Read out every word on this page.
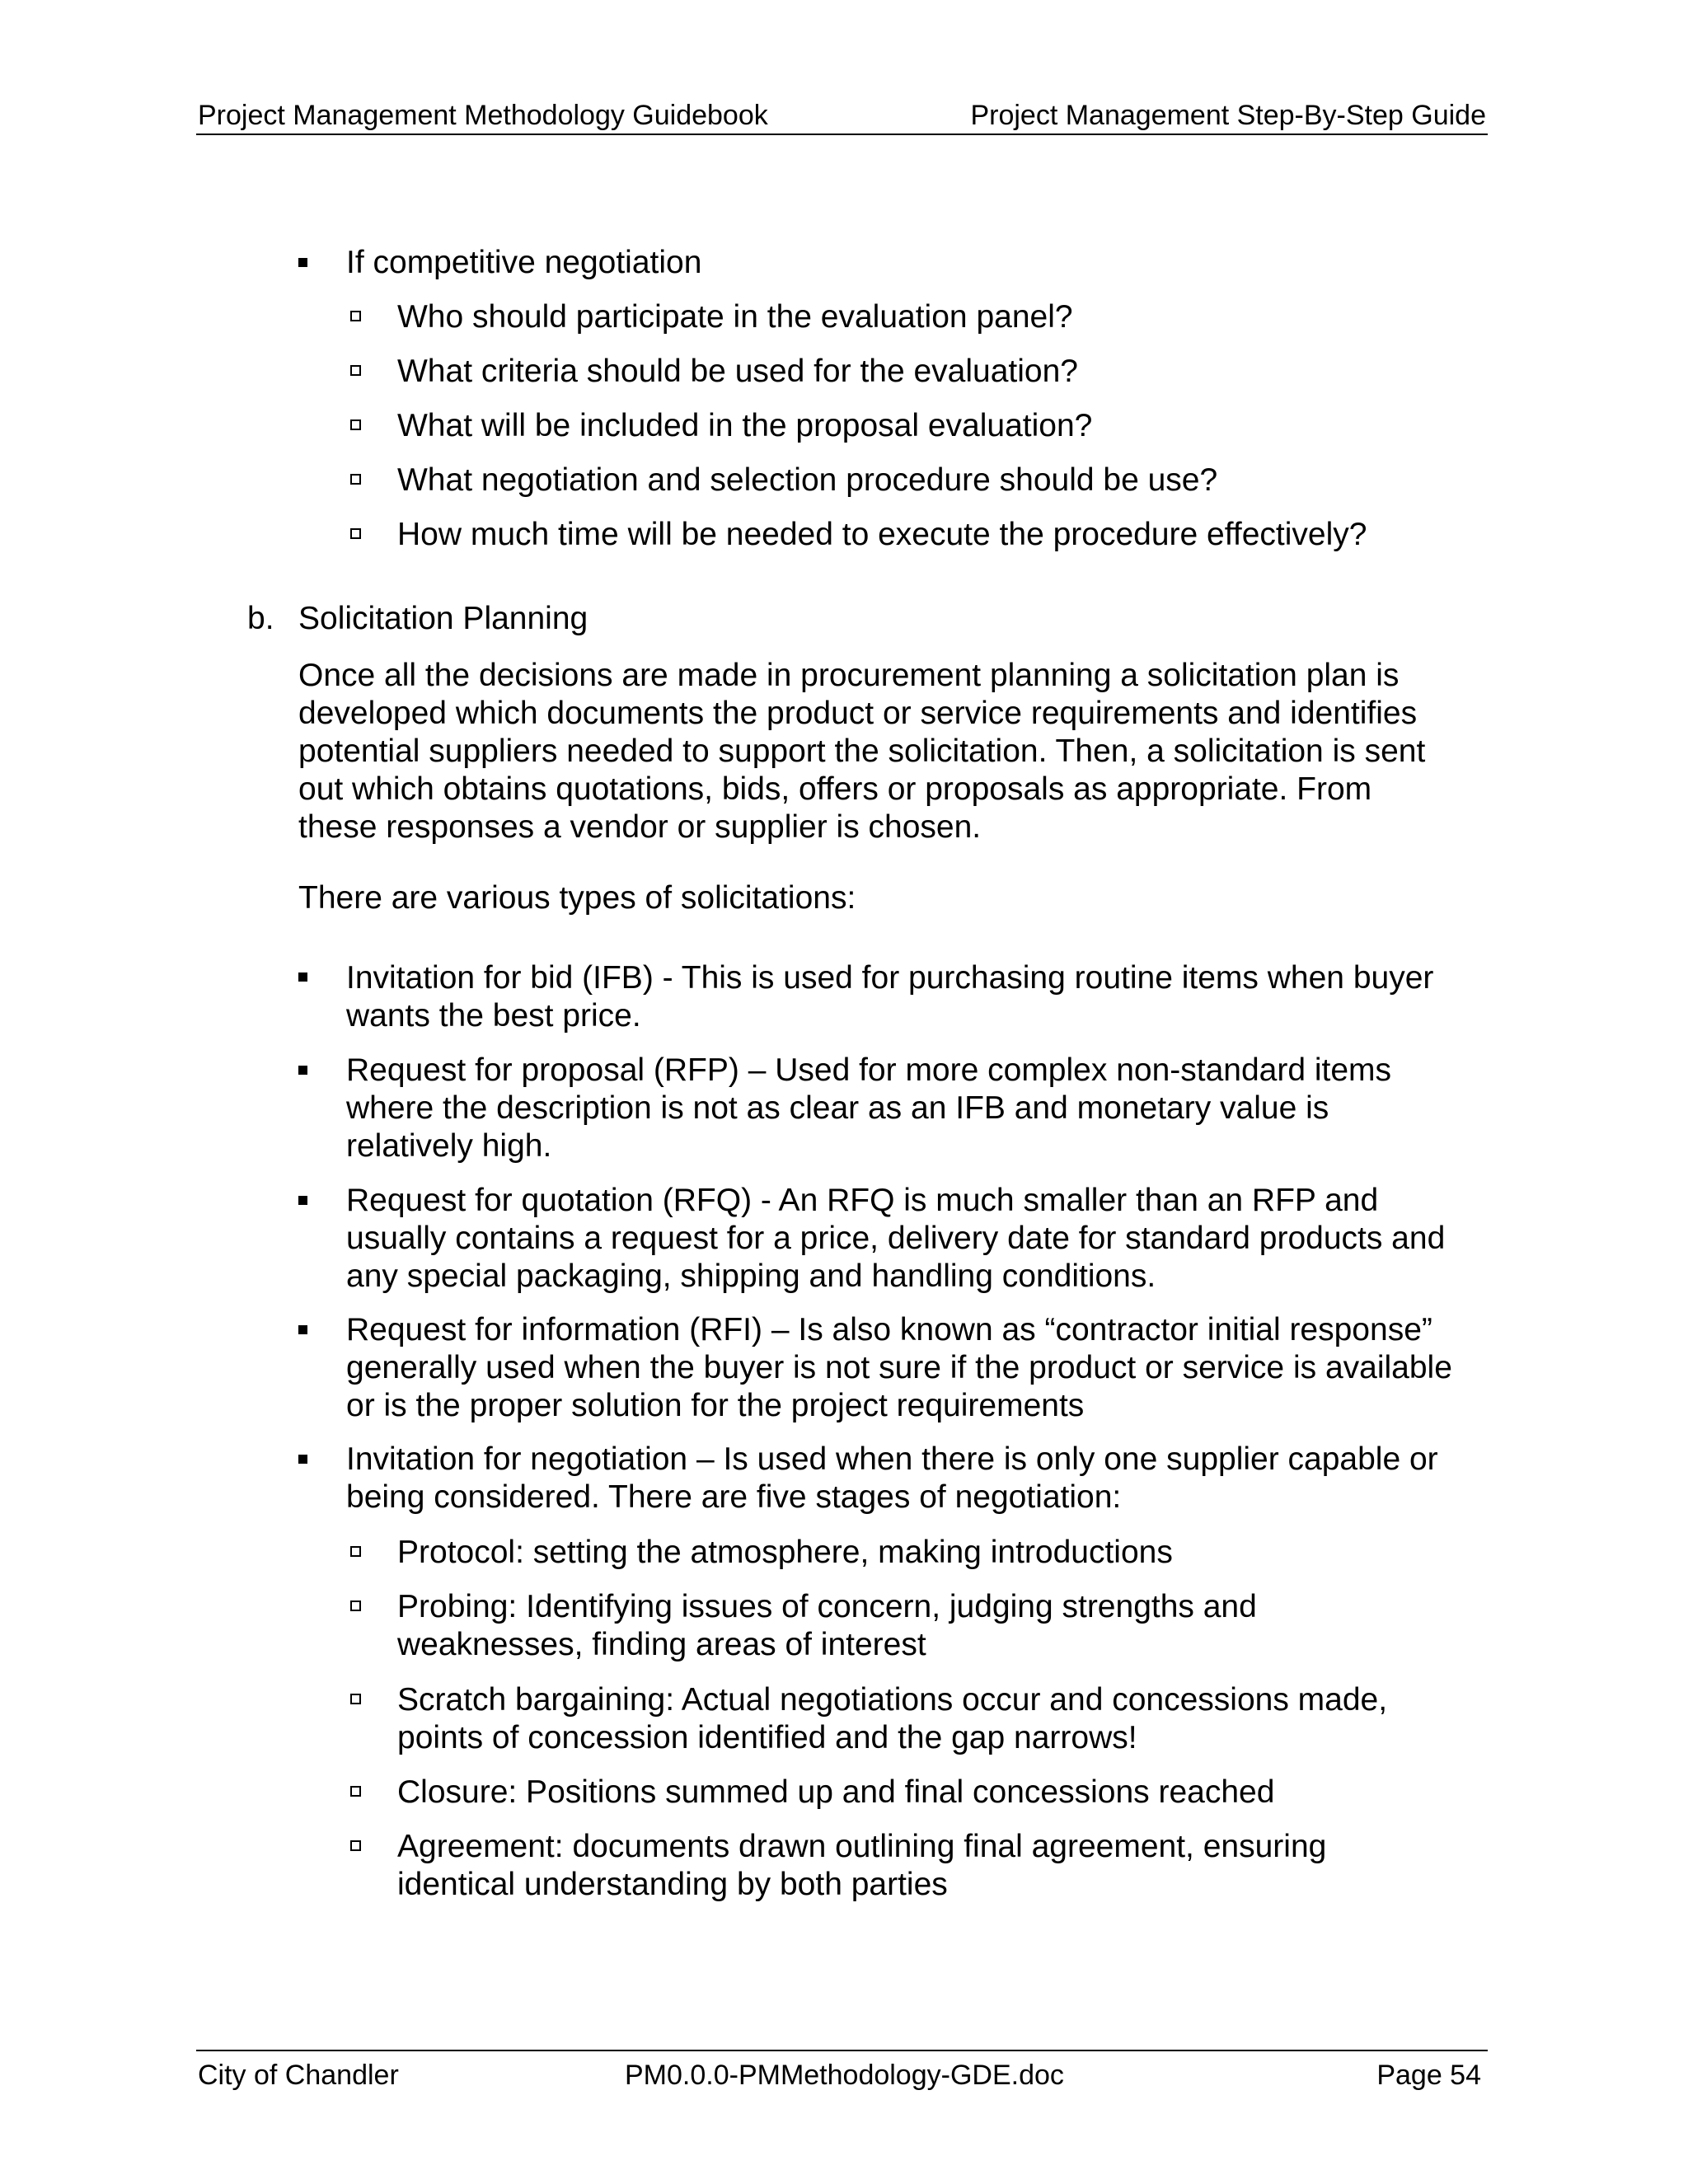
Project Management Methodology Guidebook	Project Management Step-By-Step Guide
If competitive negotiation
Who should participate in the evaluation panel?
What criteria should be used for the evaluation?
What will be included in the proposal evaluation?
What negotiation and selection procedure should be use?
How much time will be needed to execute the procedure effectively?
b. Solicitation Planning
Once all the decisions are made in procurement planning a solicitation plan is
developed which documents the product or service requirements and identifies
potential suppliers needed to support the solicitation. Then, a solicitation is sent
out which obtains quotations, bids, offers or proposals as appropriate. From
these responses a vendor or supplier is chosen.
There are various types of solicitations:
Invitation for bid (IFB) - This is used for purchasing routine items when buyer
wants the best price.
Request for proposal (RFP) – Used for more complex non-standard items
where the description is not as clear as an IFB and monetary value is
relatively high.
Request for quotation (RFQ) - An RFQ is much smaller than an RFP and
usually contains a request for a price, delivery date for standard products and
any special packaging, shipping and handling conditions.
Request for information (RFI) – Is also known as “contractor initial response”
generally used when the buyer is not sure if the product or service is available
or is the proper solution for the project requirements
Invitation for negotiation – Is used when there is only one supplier capable or
being considered. There are five stages of negotiation:
Protocol: setting the atmosphere, making introductions
Probing: Identifying issues of concern, judging strengths and
weaknesses, finding areas of interest
Scratch bargaining: Actual negotiations occur and concessions made,
points of concession identified and the gap narrows!
Closure: Positions summed up and final concessions reached
Agreement: documents drawn outlining final agreement, ensuring
identical understanding by both parties
City of Chandler	PM0.0.0-PMMethodology-GDE.doc	Page 54
